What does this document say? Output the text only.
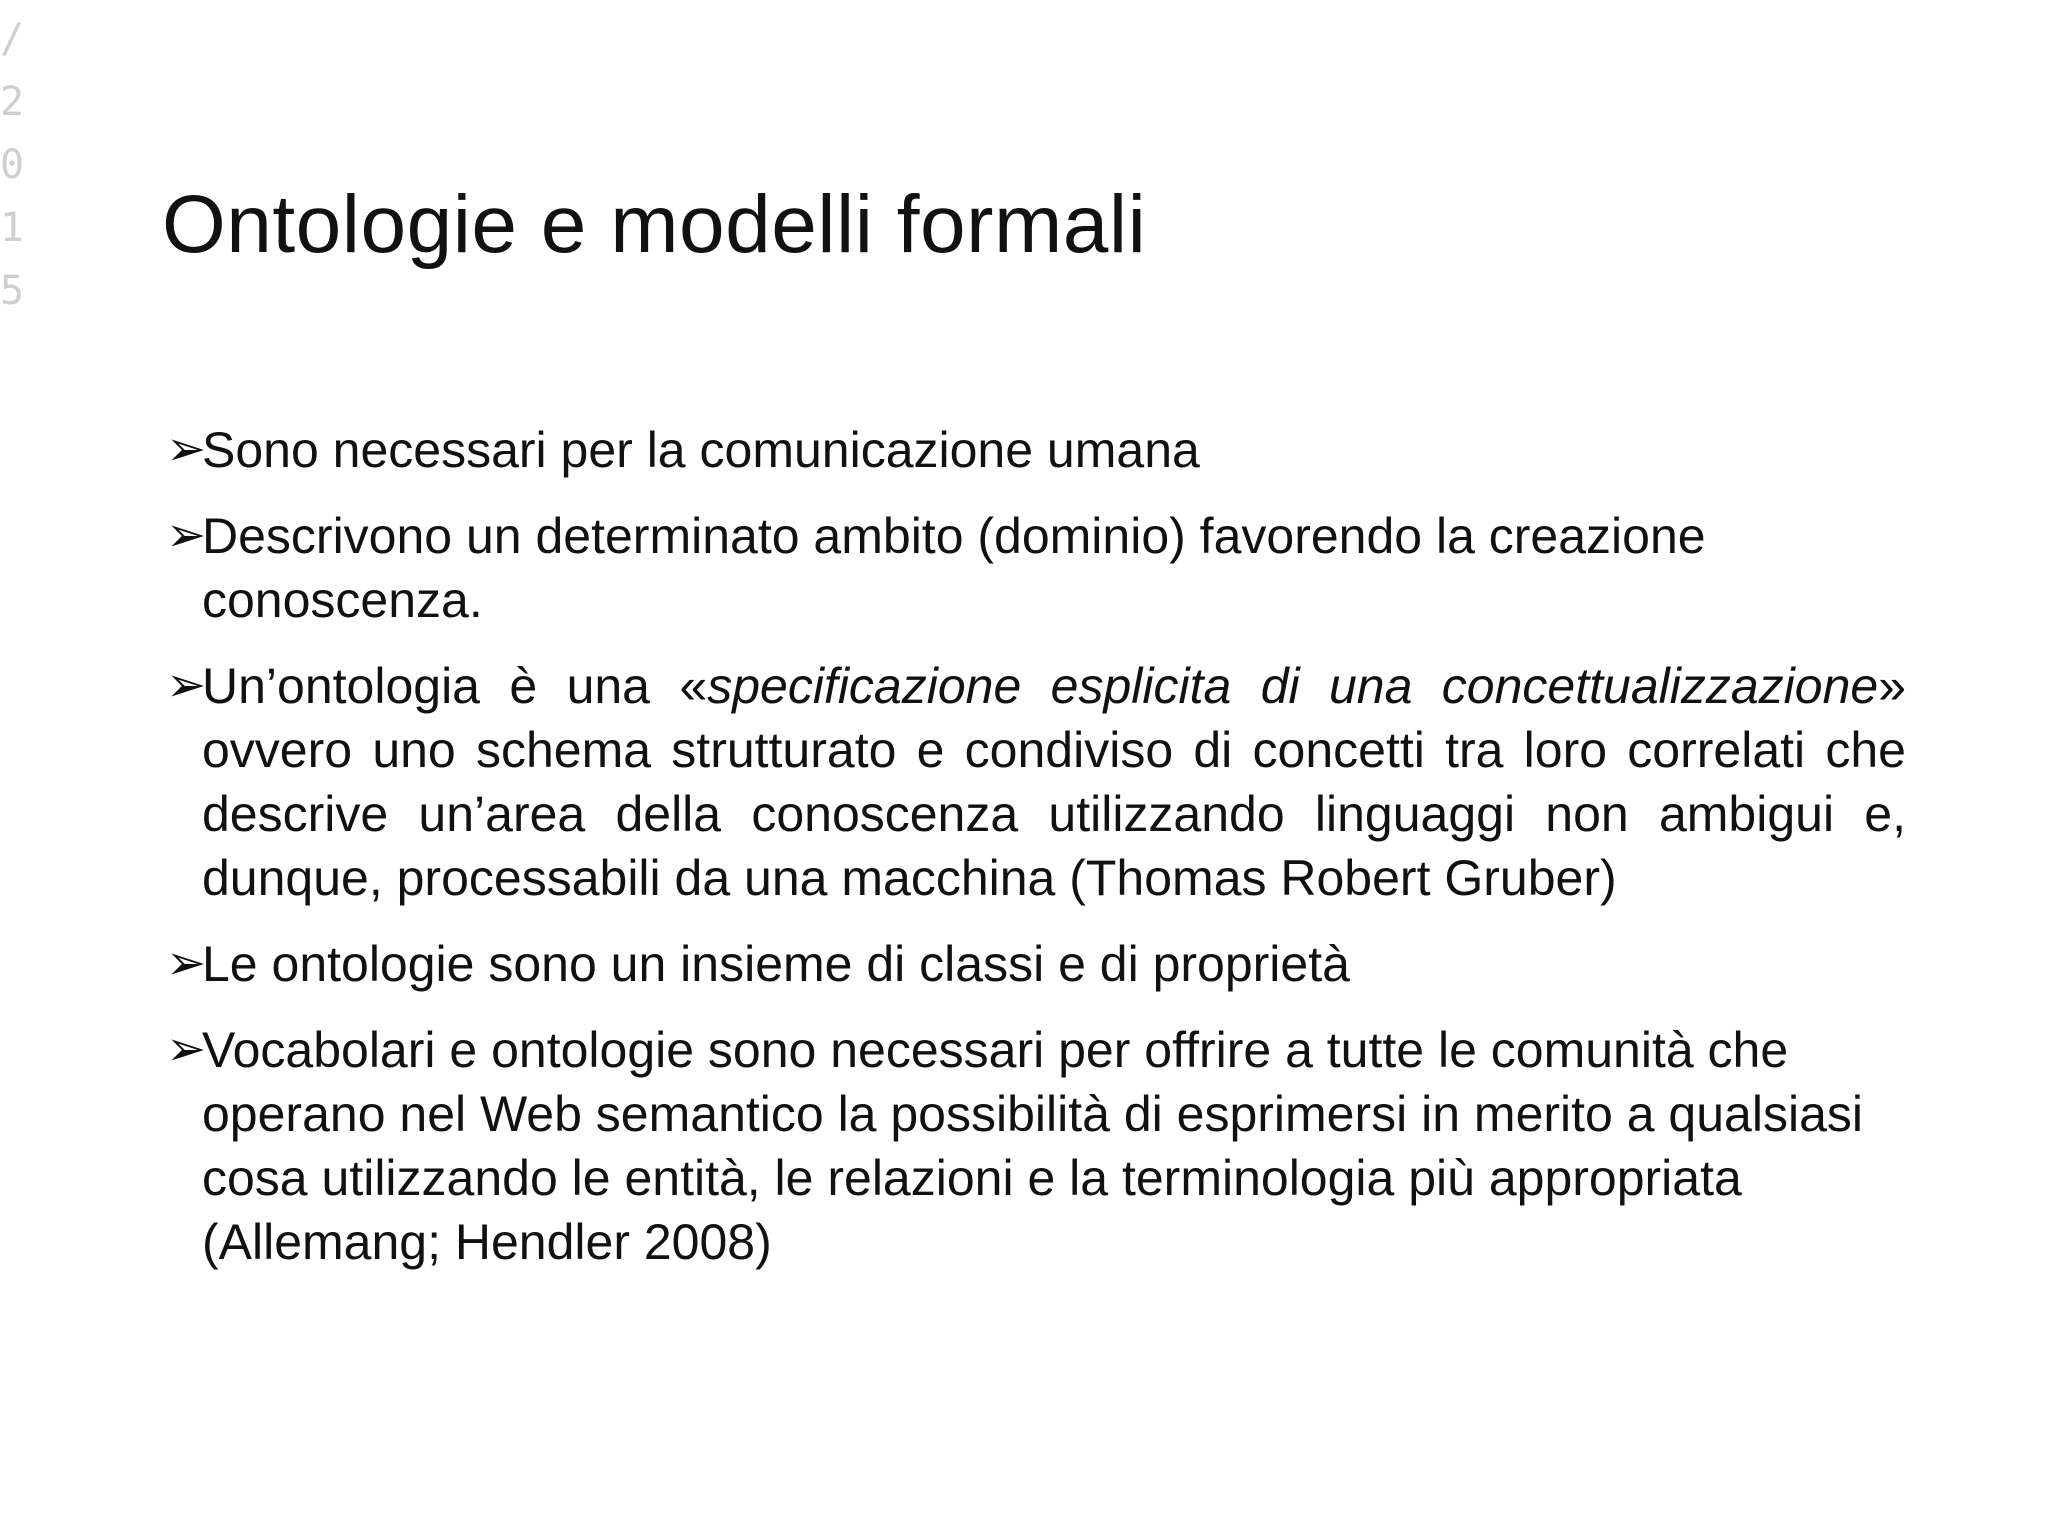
/
2
0
1
5
Ontologie e modelli formali
➢
Sono necessari per la comunicazione umana
➢
Descrivono un determinato ambito (dominio) favorendo la creazione conoscenza.
➢
Un’ontologia è una «specificazione esplicita di una concettualizzazione» ovvero uno schema strutturato e condiviso di concetti tra loro correlati che descrive un’area della conoscenza utilizzando linguaggi non ambigui e, dunque, processabili da una macchina (Thomas Robert Gruber)
➢
Le ontologie sono un insieme di classi e di proprietà
➢
Vocabolari e ontologie sono necessari per offrire a tutte le comunità che operano nel Web semantico la possibilità di esprimersi in merito a qualsiasi cosa utilizzando le entità, le relazioni e la terminologia più appropriata (Allemang; Hendler 2008)
